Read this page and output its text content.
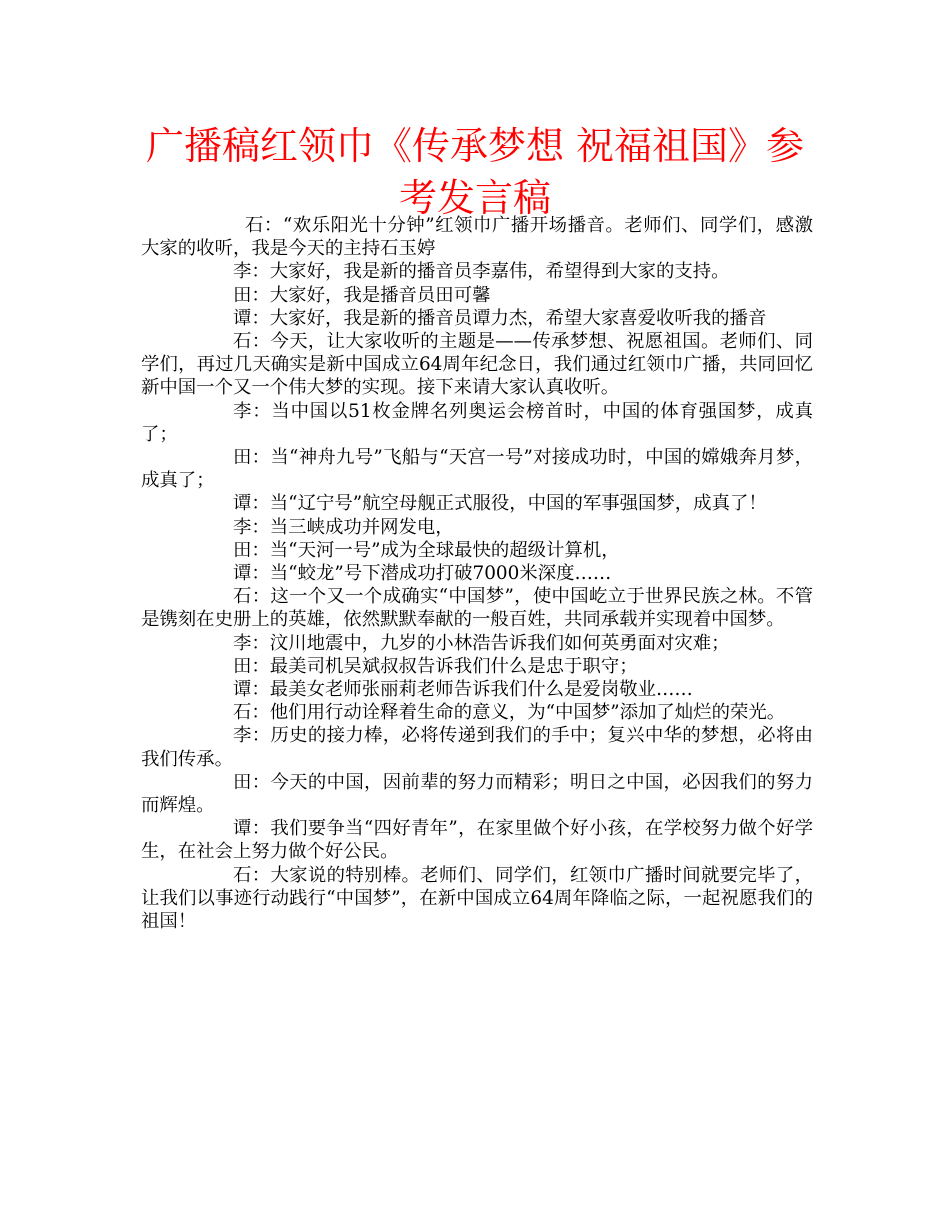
广播稿红领巾《传承梦想 祝福祖国》参考发言稿

石：“欢乐阳光十分钟”红领巾广播开场播音。老师们、同学们，感激大家的收听，我是今天的主持石玉婷

李：大家好，我是新的播音员李嘉伟，希望得到大家的支持。

田：大家好，我是播音员田可馨

谭：大家好，我是新的播音员谭力杰，希望大家喜爱收听我的播音

石：今天，让大家收听的主题是——传承梦想、祝愿祖国。老师们、同学们，再过几天确实是新中国成立64周年纪念日，我们通过红领巾广播，共同回忆新中国一个又一个伟大梦的实现。接下来请大家认真收听。

李：当中国以51枚金牌名列奥运会榜首时，中国的体育强国梦，成真了；

田：当“神舟九号”飞船与“天宫一号”对接成功时，中国的嫦娥奔月梦，成真了；

谭：当“辽宁号”航空母舰正式服役，中国的军事强国梦，成真了！

李：当三峡成功并网发电，

田：当“天河一号”成为全球最快的超级计算机，

谭：当“蛟龙”号下潜成功打破7000米深度……

石：这一个又一个成确实“中国梦”，使中国屹立于世界民族之林。不管是镌刻在史册上的英雄，依然默默奉献的一般百姓，共同承载并实现着中国梦。

李：汶川地震中，九岁的小林浩告诉我们如何英勇面对灾难；

田：最美司机吴斌叔叔告诉我们什么是忠于职守；

谭：最美女老师张丽莉老师告诉我们什么是爱岗敬业……

石：他们用行动诠释着生命的意义，为“中国梦”添加了灿烂的荣光。

李：历史的接力棒，必将传递到我们的手中；复兴中华的梦想，必将由我们传承。

田：今天的中国，因前辈的努力而精彩；明日之中国，必因我们的努力而辉煌。

谭：我们要争当“四好青年”，在家里做个好小孩，在学校努力做个好学生，在社会上努力做个好公民。

石：大家说的特别棒。老师们、同学们，红领巾广播时间就要完毕了，让我们以事迹行动践行“中国梦”，在新中国成立64周年降临之际，一起祝愿我们的祖国！
